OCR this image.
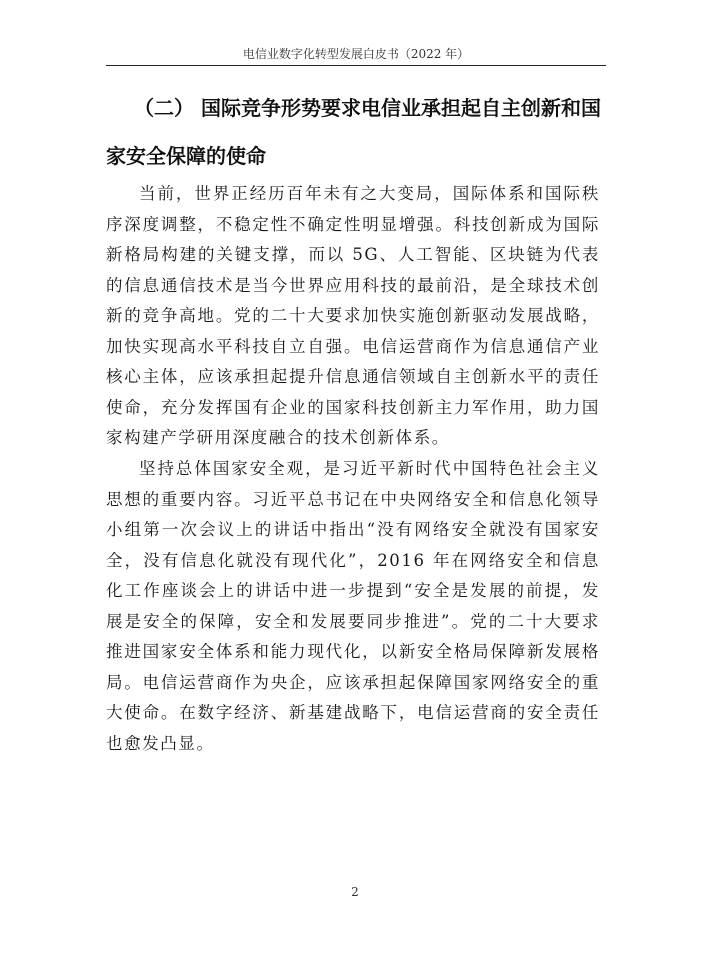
电信业数字化转型发展白皮书（2022 年）
（二） 国际竞争形势要求电信业承担起自主创新和国
家安全保障的使命

当前，世界正经历百年未有之大变局，国际体系和国际秩序深度调整，不稳定性不确定性明显增强。科技创新成为国际新格局构建的关键支撑，而以 5G、人工智能、区块链为代表的信息通信技术是当今世界应用科技的最前沿，是全球技术创新的竞争高地。党的二十大要求加快实施创新驱动发展战略，加快实现高水平科技自立自强。电信运营商作为信息通信产业核心主体，应该承担起提升信息通信领域自主创新水平的责任使命，充分发挥国有企业的国家科技创新主力军作用，助力国家构建产学研用深度融合的技术创新体系。

坚持总体国家安全观，是习近平新时代中国特色社会主义思想的重要内容。习近平总书记在中央网络安全和信息化领导小组第一次会议上的讲话中指出“没有网络安全就没有国家安全，没有信息化就没有现代化”，2016 年在网络安全和信息化工作座谈会上的讲话中进一步提到“安全是发展的前提，发展是安全的保障，安全和发展要同步推进”。党的二十大要求推进国家安全体系和能力现代化，以新安全格局保障新发展格局。电信运营商作为央企，应该承担起保障国家网络安全的重大使命。在数字经济、新基建战略下，电信运营商的安全责任也愈发凸显。

2
